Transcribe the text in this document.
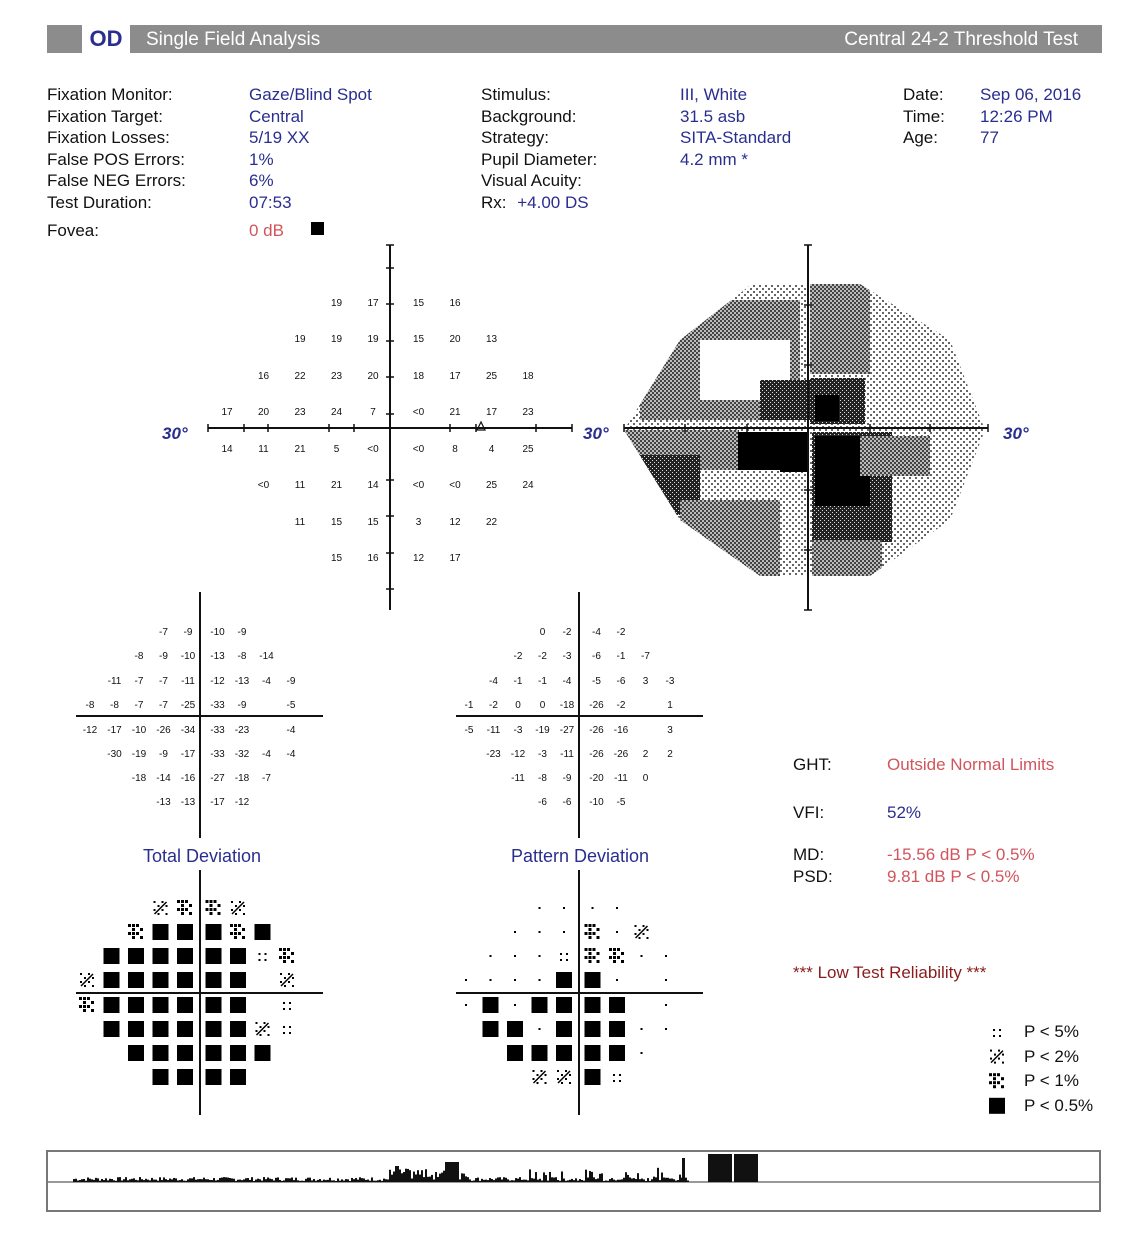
OD	Single Field Analysis	Central 24-2 Threshold Test
Fixation Monitor:	Gaze/Blind Spot
Fixation Target:	Central
Fixation Losses:	5/19 XX
False POS Errors:	1%
False NEG Errors:	6%
Test Duration:	07:53
Fovea:	0 dB
Stimulus:	III, White
Background:	31.5 asb
Strategy:	SITA-Standard
Pupil Diameter:	4.2 mm *
Visual Acuity:
Rx: +4.00 DS
Date: Sep 06, 2016
Time: 12:26 PM
Age: 77
30°	30°	30°
19	17	15	16
19	19	19	15	20	13
16	22	23	20	18	17	25	18
17	20	23	24	7	<0	21	17	23
14	11	21	5	<0	<0	8	4	25
<0	11	21	14	<0	<0	25	24
11	15	15	3	12	22
15	16	12	17
-7 -9 -10 -9
-8 -9 -10 -13 -8 -14
-11 -7 -7 -11 -12 -13 -4 -9
-8 -8 -7 -7 -25 -33 -9	-5
-12 -17 -10 -26 -34 -33 -23	-4
-30 -19 -9 -17 -33 -32 -4 -4
-18 -14 -16 -27 -18 -7
-13 -13 -17 -12
0 -2 -4 -2
-2 -2 -3 -6 -1 -7
-4 -1 -1 -4 -5 -6 3 -3
-1 -2 0 0 -18 -26 -2	1
-5 -11 -3 -19 -27 -26 -16	3
-23 -12 -3 -11 -26 -26 2 2
-11 -8 -9 -20 -11 0
-6 -6 -10 -5
Total Deviation	Pattern Deviation
GHT:	Outside Normal Limits
VFI:	52%
MD:	-15.56 dB P < 0.5%
PSD:	9.81 dB P < 0.5%
*** Low Test Reliability ***
P < 5%
P < 2%
P < 1%
P < 0.5%
